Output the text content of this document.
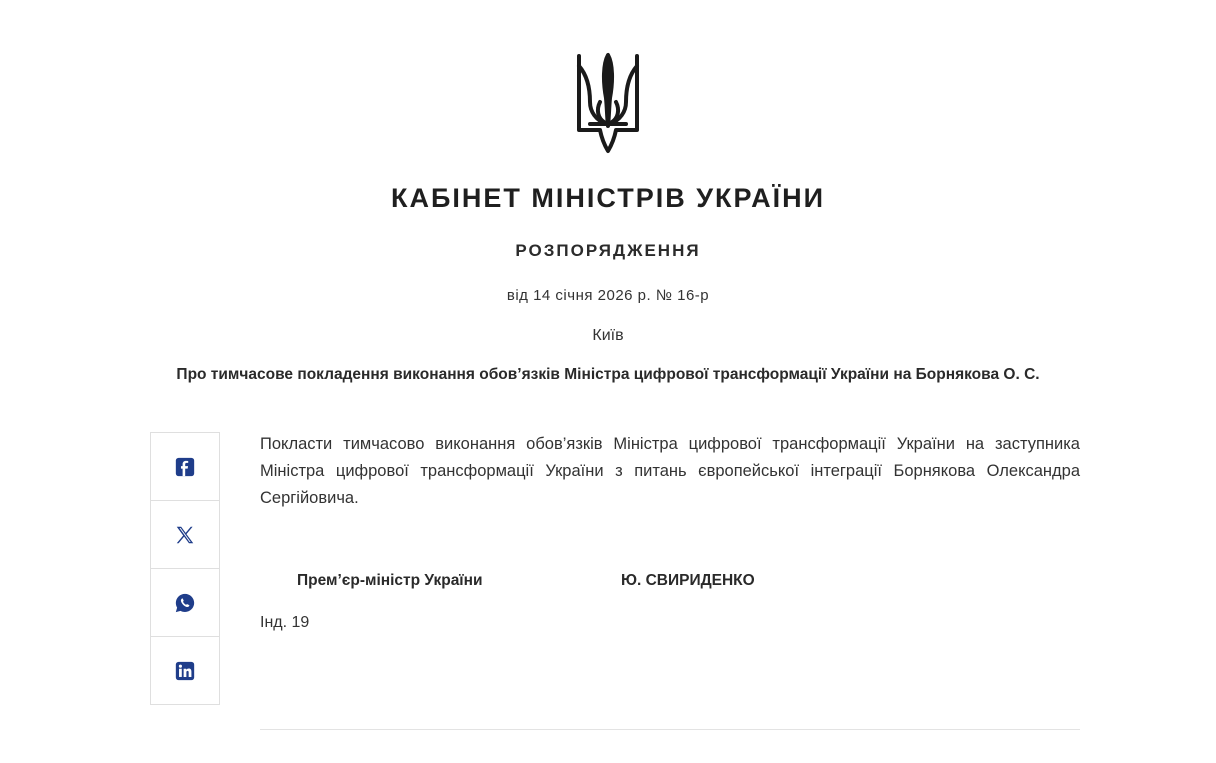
КАБІНЕТ МІНІСТРІВ УКРАЇНИ
РОЗПОРЯДЖЕННЯ
від 14 січня 2026 р. № 16-р
Київ
Про тимчасове покладення виконання обов’язків Міністра цифрової трансформації України на Борнякова О. С.
Покласти тимчасово виконання обов’язків Міністра цифрової трансформації України на заступника Міністра цифрової трансформації України з питань європейської інтеграції Борнякова Олександра Сергійовича.
Прем’єр-міністр України	Ю. СВИРИДЕНКО
Інд. 19
